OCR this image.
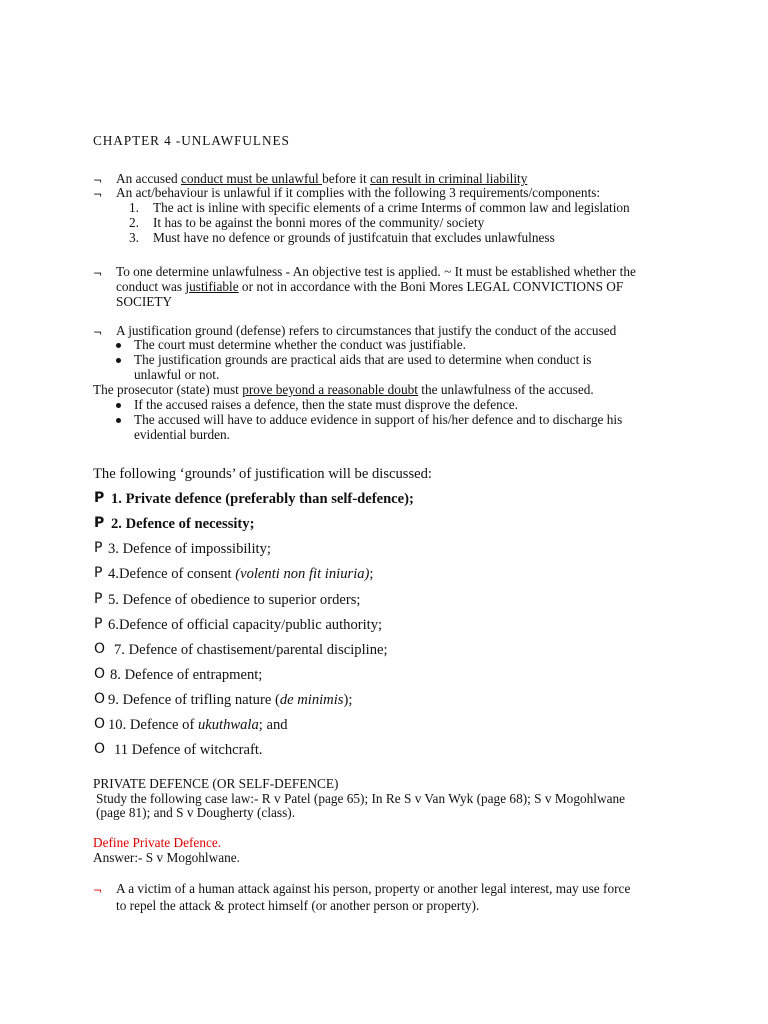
CHAPTER 4 -UNLAWFULNES
¬ An accused conduct must be unlawful before it can result in criminal liability
¬ An act/behaviour is unlawful if it complies with the following 3 requirements/components:
1. The act is inline with specific elements of a crime Interms of common law and legislation
2. It has to be against the bonni mores of the community/ society
3. Must have no defence or grounds of justifcatuin that excludes unlawfulness
¬ To one determine unlawfulness - An objective test is applied. ~ It must be established whether the
conduct was justifiable or not in accordance with the Boni Mores LEGAL CONVICTIONS OF
SOCIETY
¬ A justification ground (defense) refers to circumstances that justify the conduct of the accused
The court must determine whether the conduct was justifiable.
The justification grounds are practical aids that are used to determine when conduct is
unlawful or not.
The prosecutor (state) must prove beyond a reasonable doubt the unlawfulness of the accused.
If the accused raises a defence, then the state must disprove the defence.
The accused will have to adduce evidence in support of his/her defence and to discharge his
evidential burden.
The following ‘grounds’ of justification will be discussed:
P 1. Private defence (preferably than self-defence);
P 2. Defence of necessity;
P 3. Defence of impossibility;
P 4.Defence of consent (volenti non fit iniuria);
P 5. Defence of obedience to superior orders;
P 6.Defence of official capacity/public authority;
O 7. Defence of chastisement/parental discipline;
O 8. Defence of entrapment;
O 9. Defence of trifling nature (de minimis);
O 10. Defence of ukuthwala; and
O 11 Defence of witchcraft.
PRIVATE DEFENCE (OR SELF-DEFENCE)
Study the following case law:- R v Patel (page 65); In Re S v Van Wyk (page 68); S v Mogohlwane
(page 81); and S v Dougherty (class).
Define Private Defence.
Answer:- S v Mogohlwane.
¬ A a victim of a human attack against his person, property or another legal interest, may use force
to repel the attack & protect himself (or another person or property).
